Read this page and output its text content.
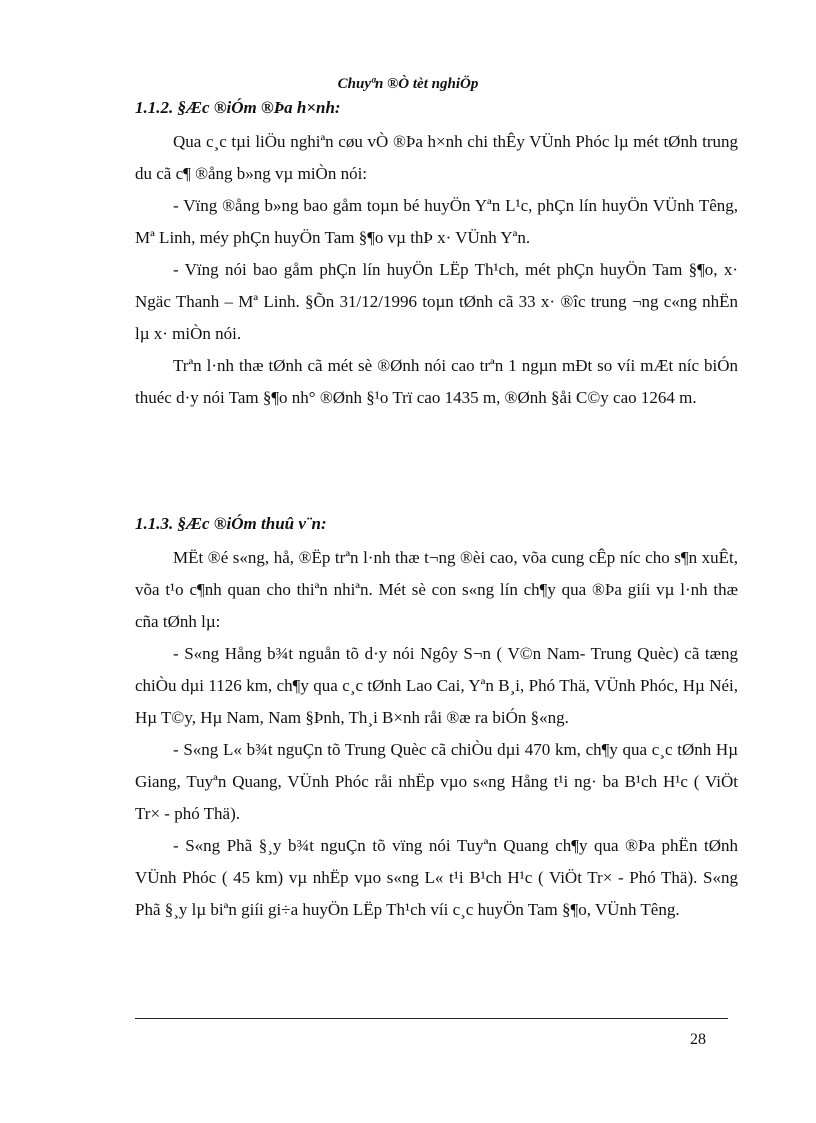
Chuyªn ®Ò tèt nghiÖp

1.1.2. §Æc ®iÓm ®Þa h×nh:

Qua c¸c tµi liÖu nghiªn cøu vÒ ®Þa h×nh chi thÊy VÜnh Phóc lµ mét tØnh trung du cã c¶ ®ång b»ng vµ miÒn nói:

- Vïng ®ång b»ng bao gåm toµn bé huyÖn Yªn L¹c, phÇn lín huyÖn VÜnh Têng, Mª Linh, méy phÇn huyÖn Tam §¶o vµ thÞ x· VÜnh Yªn.

- Vïng nói bao gåm phÇn lín huyÖn LËp Th¹ch, mét phÇn huyÖn Tam §¶o, x· Ngäc Thanh – Mª Linh. §Õn 31/12/1996 toµn tØnh cã 33 x· ®îc trung ¬ng c«ng nhËn lµ x· miÒn nói.

Trªn l·nh thæ tØnh cã mét sè ®Ønh nói cao trªn 1 ngµn mÐt so víi mÆt níc biÓn thuéc d·y nói Tam §¶o nh° ®Ønh §¹o Trï cao 1435 m, ®Ønh §åi C©y cao 1264 m.

1.1.3. §Æc ®iÓm thuû v¨n:

MËt ®é s«ng, hå, ®Ëp trªn l·nh thæ t¬ng ®èi cao, võa cung cÊp níc cho s¶n xuÊt, võa t¹o c¶nh quan cho thiªn nhiªn. Mét sè con s«ng lín ch¶y qua ®Þa giíi vµ l·nh thæ cña tØnh lµ:

- S«ng Hång b¾t nguån tõ d·y nói Ngôy S¬n ( V©n Nam- Trung Quèc) cã tæng chiÒu dµi 1126 km, ch¶y qua c¸c tØnh Lao Cai, Yªn B¸i, Phó Thä, VÜnh Phóc, Hµ Néi, Hµ T©y, Hµ Nam, Nam §Þnh, Th¸i B×nh råi ®æ ra biÓn §«ng.

- S«ng L« b¾t nguÇn tõ Trung Quèc cã chiÒu dµi 470 km, ch¶y qua c¸c tØnh Hµ Giang, Tuyªn Quang, VÜnh Phóc råi nhËp vµo s«ng Hång t¹i ng· ba B¹ch H¹c ( ViÖt Tr× - phó Thä).

- S«ng Phã §¸y b¾t nguÇn tõ vïng nói Tuyªn Quang ch¶y qua ®Þa phËn tØnh VÜnh Phóc ( 45 km) vµ nhËp vµo s«ng L« t¹i B¹ch H¹c ( ViÖt Tr× - Phó Thä). S«ng Phã §¸y lµ biªn giíi gi÷a huyÖn LËp Th¹ch víi c¸c huyÖn Tam §¶o, VÜnh Têng.

28
